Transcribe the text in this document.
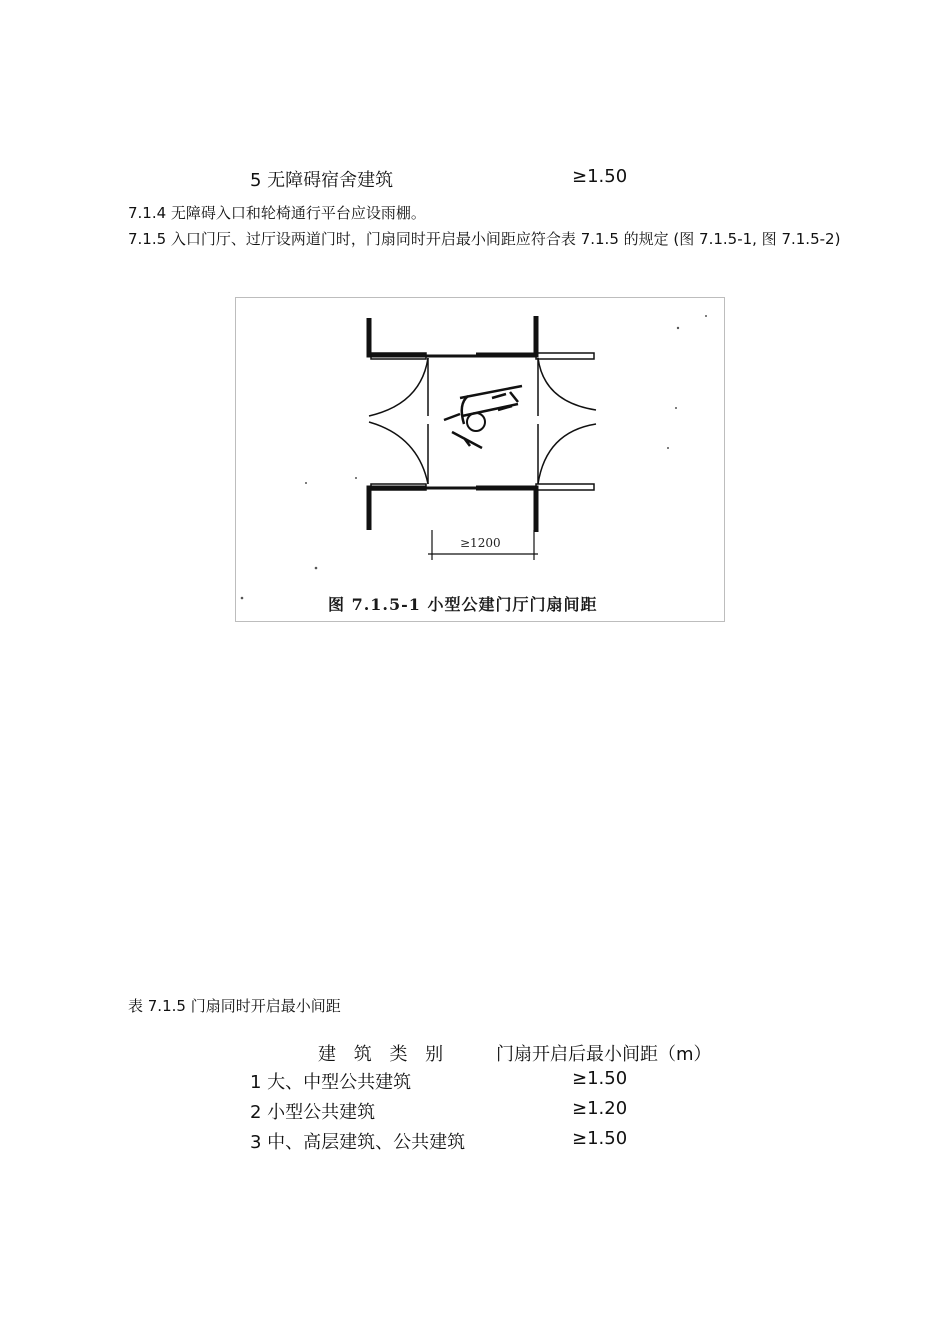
5 无障碍宿舍建筑	≥1.50
7.1.4 无障碍入口和轮椅通行平台应设雨棚。
7.1.5 入口门厅、过厅设两道门时，门扇同时开启最小间距应符合表 7.1.5 的规定 (图 7.1.5-1, 图 7.1.5-2)
≥1200
图 7.1.5-1 小型公建门厅门扇间距
表 7.1.5 门扇同时开启最小间距
建 筑 类 别	门扇开启后最小间距（m）
1 大、中型公共建筑	≥1.50
2 小型公共建筑	≥1.20
3 中、高层建筑、公共建筑	≥1.50
